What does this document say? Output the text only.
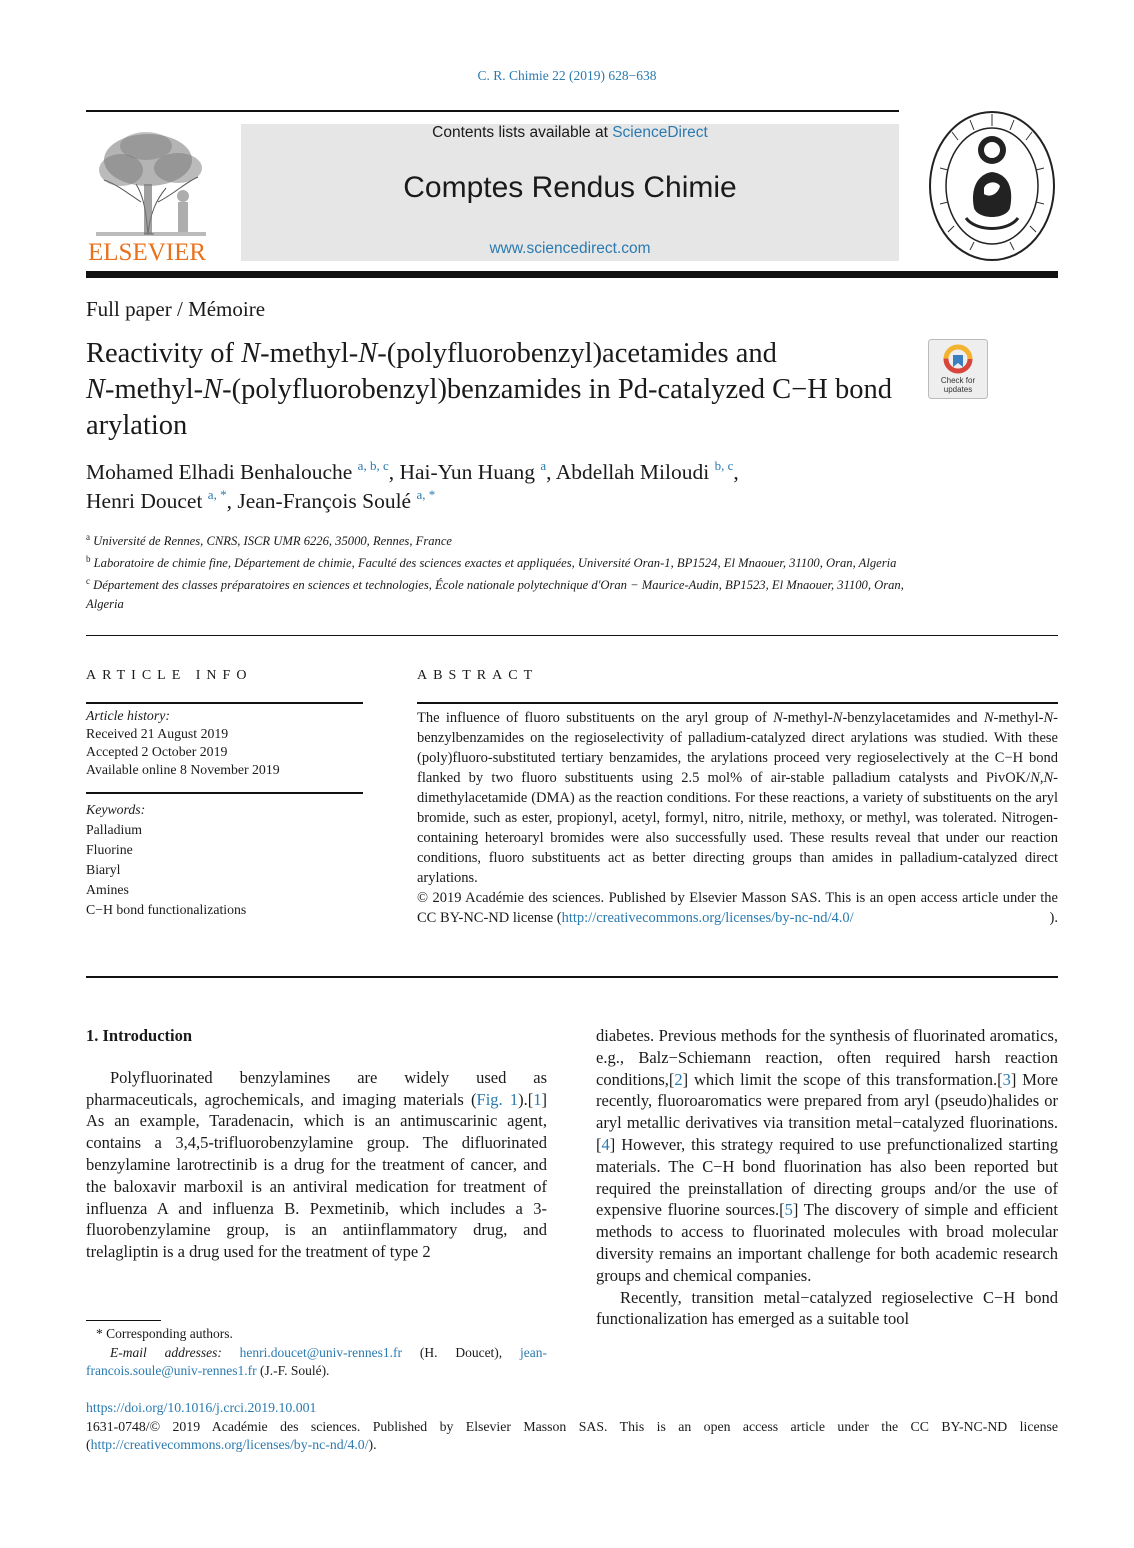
C. R. Chimie 22 (2019) 628−638
ELSEVIER
Contents lists available at ScienceDirect
Comptes Rendus Chimie
www.sciencedirect.com
Full paper / Mémoire
Reactivity of N-methyl-N-(polyfluorobenzyl)acetamides and
N-methyl-N-(polyfluorobenzyl)benzamides in Pd-catalyzed C−H bond arylation
Check for
updates
Mohamed Elhadi Benhalouche $^{a, b, c}$, Hai-Yun Huang $^a$, Abdellah Miloudi $^{b, c}$,
Henri Doucet $^{a, *}$, Jean-François Soulé $^{a, *}$
$^a$ Université de Rennes, CNRS, ISCR UMR 6226, 35000, Rennes, France
$^b$ Laboratoire de chimie fine, Département de chimie, Faculté des sciences exactes et appliquées, Université Oran-1, BP1524, El Mnaouer, 31100, Oran, Algeria
$^c$ Département des classes préparatoires en sciences et technologies, École nationale polytechnique d'Oran − Maurice-Audin, BP1523, El Mnaouer, 31100, Oran, Algeria
ARTICLE INFO	ABSTRACT
Article history:
Received 21 August 2019
Accepted 2 October 2019
Available online 8 November 2019
Keywords:
Palladium
Fluorine
Biaryl
Amines
C−H bond functionalizations
The influence of fluoro substituents on the aryl group of N-methyl-N-benzylacetamides and N-methyl-N-benzylbenzamides on the regioselectivity of palladium-catalyzed direct arylations was studied. With these (poly)fluoro-substituted tertiary benzamides, the arylations proceed very regioselectively at the C−H bond flanked by two fluoro substituents using 2.5 mol% of air-stable palladium catalysts and PivOK/N,N-dimethylacetamide (DMA) as the reaction conditions. For these reactions, a variety of substituents on the aryl bromide, such as ester, propionyl, acetyl, formyl, nitro, nitrile, methoxy, or methyl, was tolerated. Nitrogen-containing heteroaryl bromides were also successfully used. These results reveal that under our reaction conditions, fluoro substituents act as better directing groups than amides in palladium-catalyzed direct arylations.
© 2019 Académie des sciences. Published by Elsevier Masson SAS. This is an open access article under the CC BY-NC-ND license (http://creativecommons.org/licenses/by-nc-nd/4.0/	).
1. Introduction

Polyfluorinated benzylamines are widely used as pharmaceuticals, agrochemicals, and imaging materials (Fig. 1).[1] As an example, Taradenacin, which is an antimuscarinic agent, contains a 3,4,5-trifluorobenzylamine group. The difluorinated benzylamine larotrectinib is a drug for the treatment of cancer, and the baloxavir marboxil is an antiviral medication for treatment of influenza A and influenza B. Pexmetinib, which includes a 3-fluorobenzylamine group, is an antiinflammatory drug, and trelagliptin is a drug used for the treatment of type 2

diabetes. Previous methods for the synthesis of fluorinated aromatics, e.g., Balz−Schiemann reaction, often required harsh reaction conditions,[2] which limit the scope of this transformation.[3] More recently, fluoroaromatics were prepared from aryl (pseudo)halides or aryl metallic derivatives via transition metal−catalyzed fluorinations.[4] However, this strategy required to use prefunctionalized starting materials. The C−H bond fluorination has also been reported but required the preinstallation of directing groups and/or the use of expensive fluorine sources.[5] The discovery of simple and efficient methods to access to fluorinated molecules with broad molecular diversity remains an important challenge for both academic research groups and chemical companies.

Recently, transition metal−catalyzed regioselective C−H bond functionalization has emerged as a suitable tool

* Corresponding authors.
E-mail addresses: henri.doucet@univ-rennes1.fr (H. Doucet), jean-francois.soule@univ-rennes1.fr (J.-F. Soulé).
https://doi.org/10.1016/j.crci.2019.10.001
1631-0748/© 2019 Académie des sciences. Published by Elsevier Masson SAS. This is an open access article under the CC BY-NC-ND license (http://creativecommons.org/licenses/by-nc-nd/4.0/).
